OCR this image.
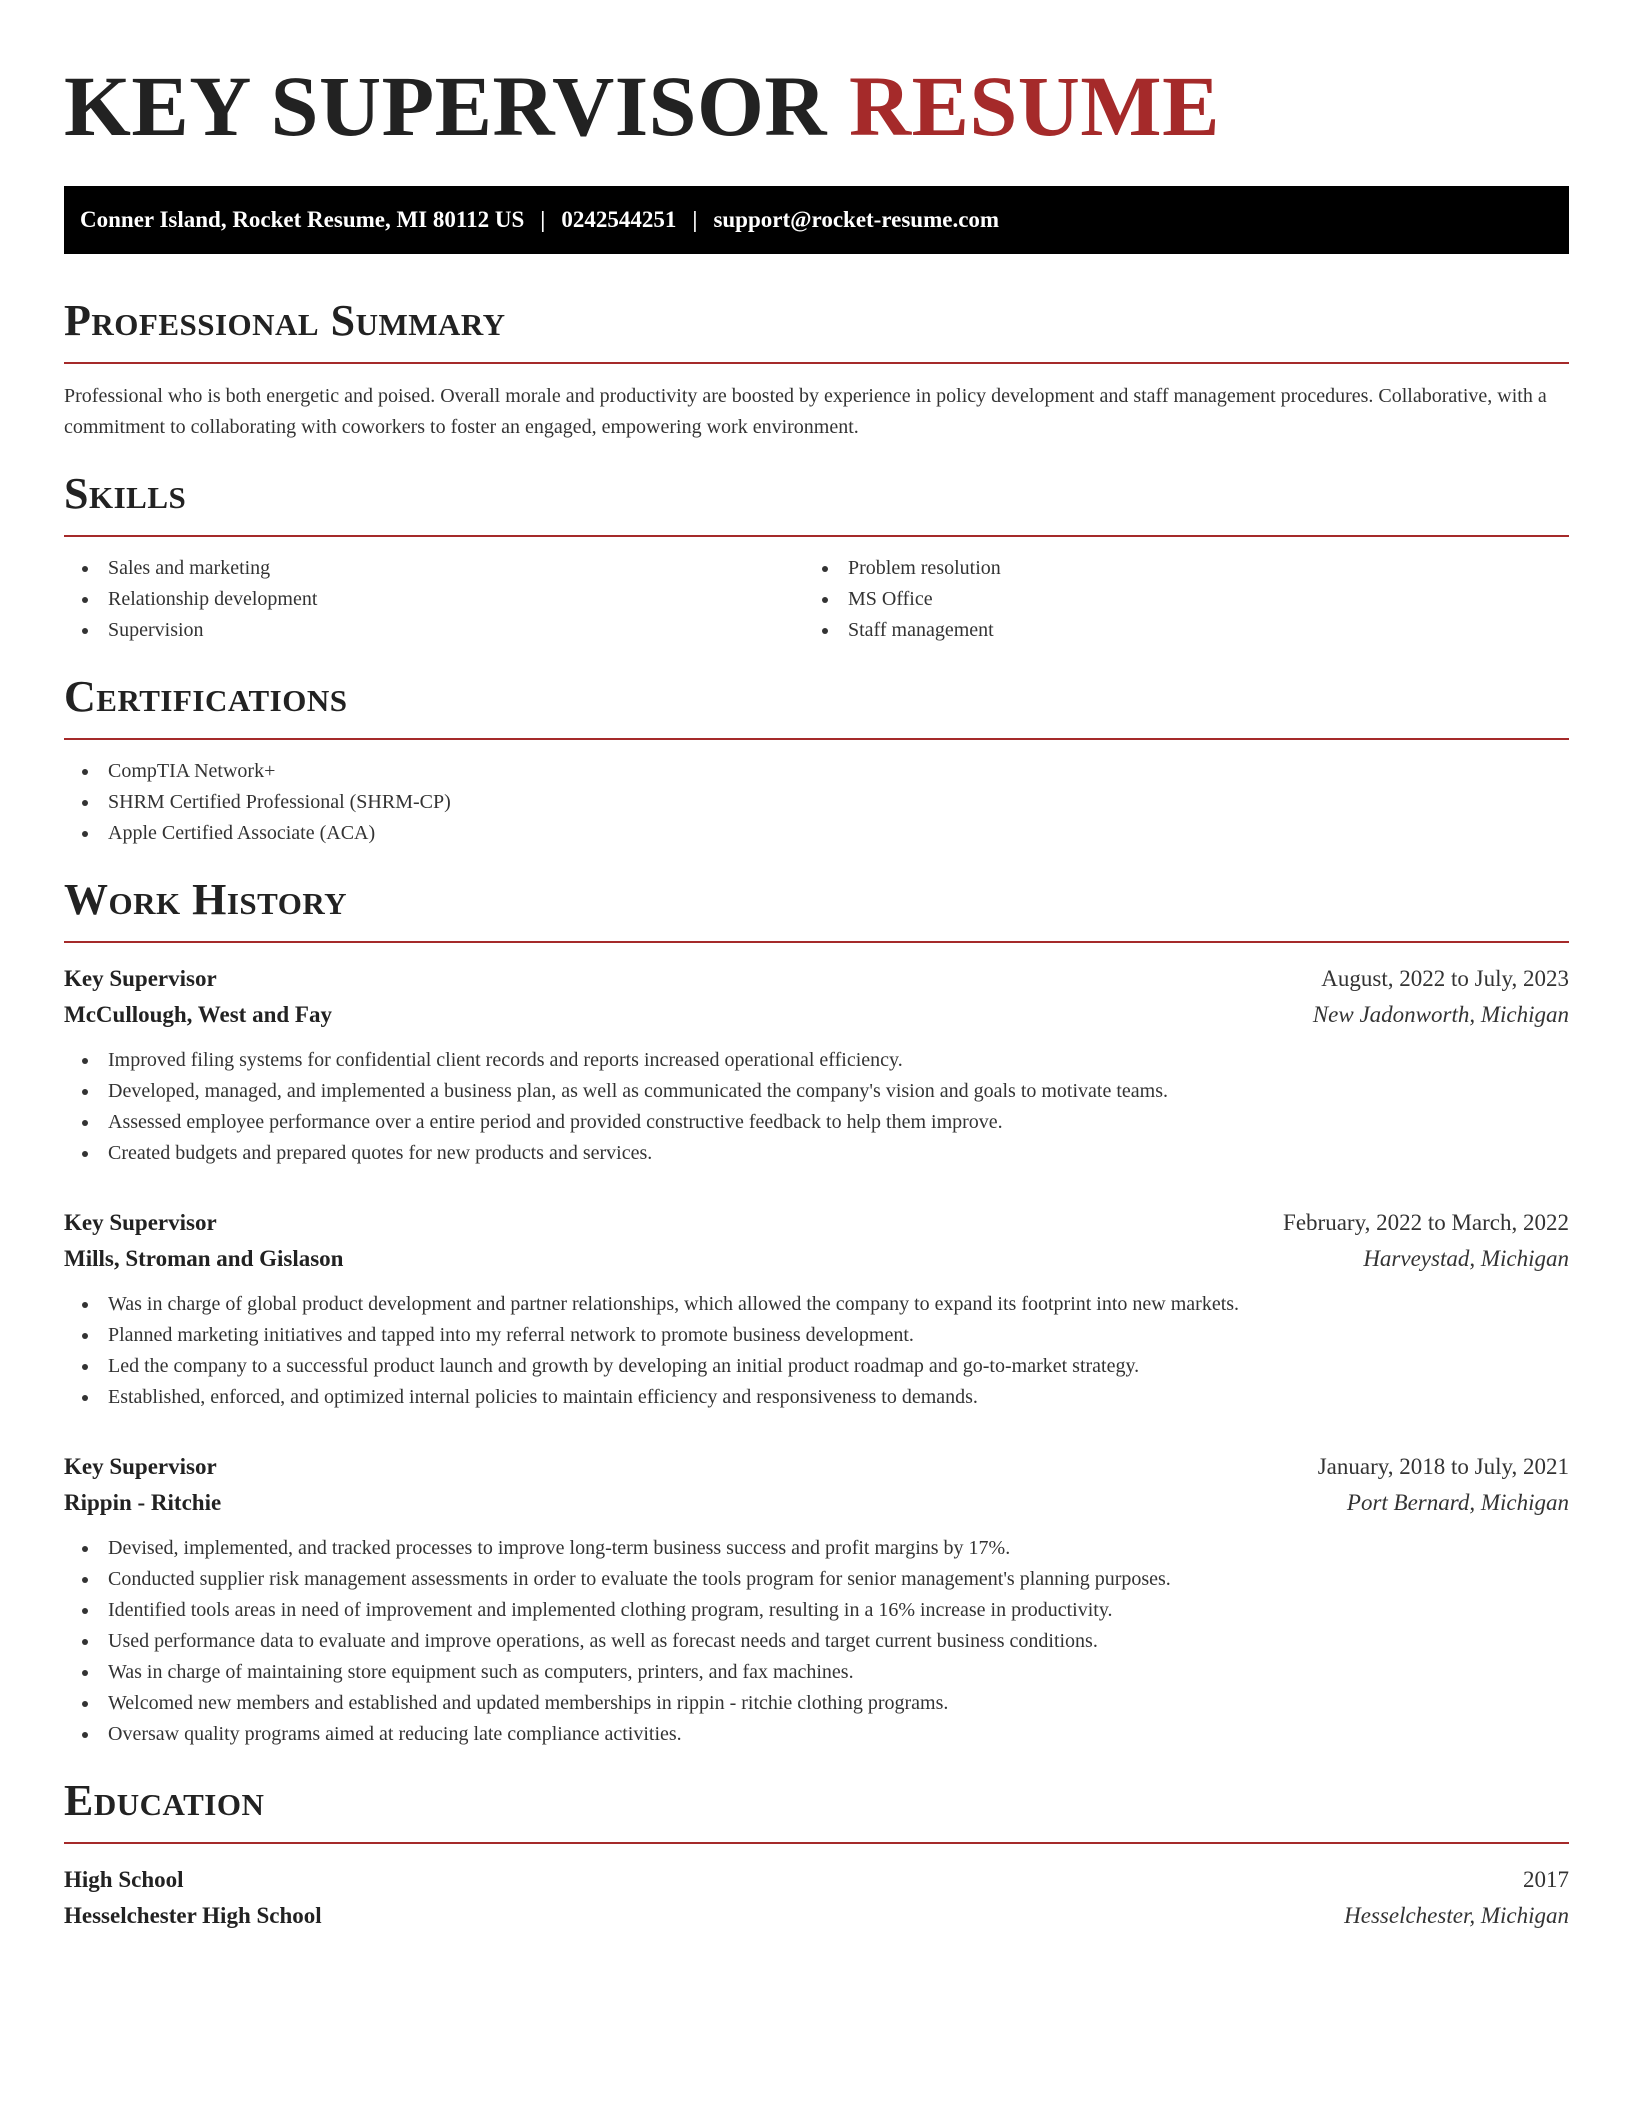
KEY SUPERVISOR RESUME
Conner Island, Rocket Resume, MI 80112 US | 0242544251 | support@rocket-resume.com
Professional Summary

Professional who is both energetic and poised. Overall morale and productivity are boosted by experience in policy development and staff management procedures. Collaborative, with a commitment to collaborating with coworkers to foster an engaged, empowering work environment.

Skills
Sales and marketing
Relationship development
Supervision
Problem resolution
MS Office
Staff management
Certifications
CompTIA Network+
SHRM Certified Professional (SHRM-CP)
Apple Certified Associate (ACA)
Work History
Key Supervisor	August, 2022 to July, 2023
McCullough, West and Fay	New Jadonworth, Michigan
Improved filing systems for confidential client records and reports increased operational efficiency.
Developed, managed, and implemented a business plan, as well as communicated the company's vision and goals to motivate teams.
Assessed employee performance over a entire period and provided constructive feedback to help them improve.
Created budgets and prepared quotes for new products and services.
Key Supervisor	February, 2022 to March, 2022
Mills, Stroman and Gislason	Harveystad, Michigan
Was in charge of global product development and partner relationships, which allowed the company to expand its footprint into new markets.
Planned marketing initiatives and tapped into my referral network to promote business development.
Led the company to a successful product launch and growth by developing an initial product roadmap and go-to-market strategy.
Established, enforced, and optimized internal policies to maintain efficiency and responsiveness to demands.
Key Supervisor	January, 2018 to July, 2021
Rippin - Ritchie	Port Bernard, Michigan
Devised, implemented, and tracked processes to improve long-term business success and profit margins by 17%.
Conducted supplier risk management assessments in order to evaluate the tools program for senior management's planning purposes.
Identified tools areas in need of improvement and implemented clothing program, resulting in a 16% increase in productivity.
Used performance data to evaluate and improve operations, as well as forecast needs and target current business conditions.
Was in charge of maintaining store equipment such as computers, printers, and fax machines.
Welcomed new members and established and updated memberships in rippin - ritchie clothing programs.
Oversaw quality programs aimed at reducing late compliance activities.
Education
High School	2017
Hesselchester High School	Hesselchester, Michigan
